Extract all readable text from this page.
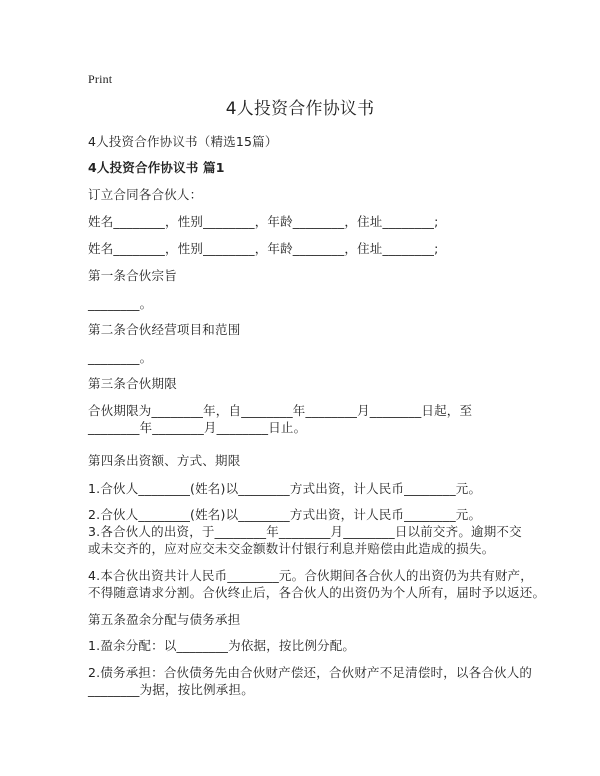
Print
4人投资合作协议书
4人投资合作协议书（精选15篇）
4人投资合作协议书 篇1
订立合同各合伙人：
姓名________，性别________，年龄________，住址________;
姓名________，性别________，年龄________，住址________;
第一条合伙宗旨
________。
第二条合伙经营项目和范围
________。
第三条合伙期限
合伙期限为________年，自________年________月________日起，至
________年________月________日止。
第四条出资额、方式、期限
1.合伙人________(姓名)以________方式出资，计人民币________元。
2.合伙人________(姓名)以________方式出资，计人民币________元。
3.各合伙人的出资，于________年________月________日以前交齐。逾期不交
或未交齐的，应对应交未交金额数计付银行利息并赔偿由此造成的损失。
4.本合伙出资共计人民币________元。合伙期间各合伙人的出资仍为共有财产，
不得随意请求分割。合伙终止后，各合伙人的出资仍为个人所有，届时予以返还。
第五条盈余分配与债务承担
1.盈余分配：以________为依据，按比例分配。
2.债务承担：合伙债务先由合伙财产偿还，合伙财产不足清偿时，以各合伙人的
________为据，按比例承担。
